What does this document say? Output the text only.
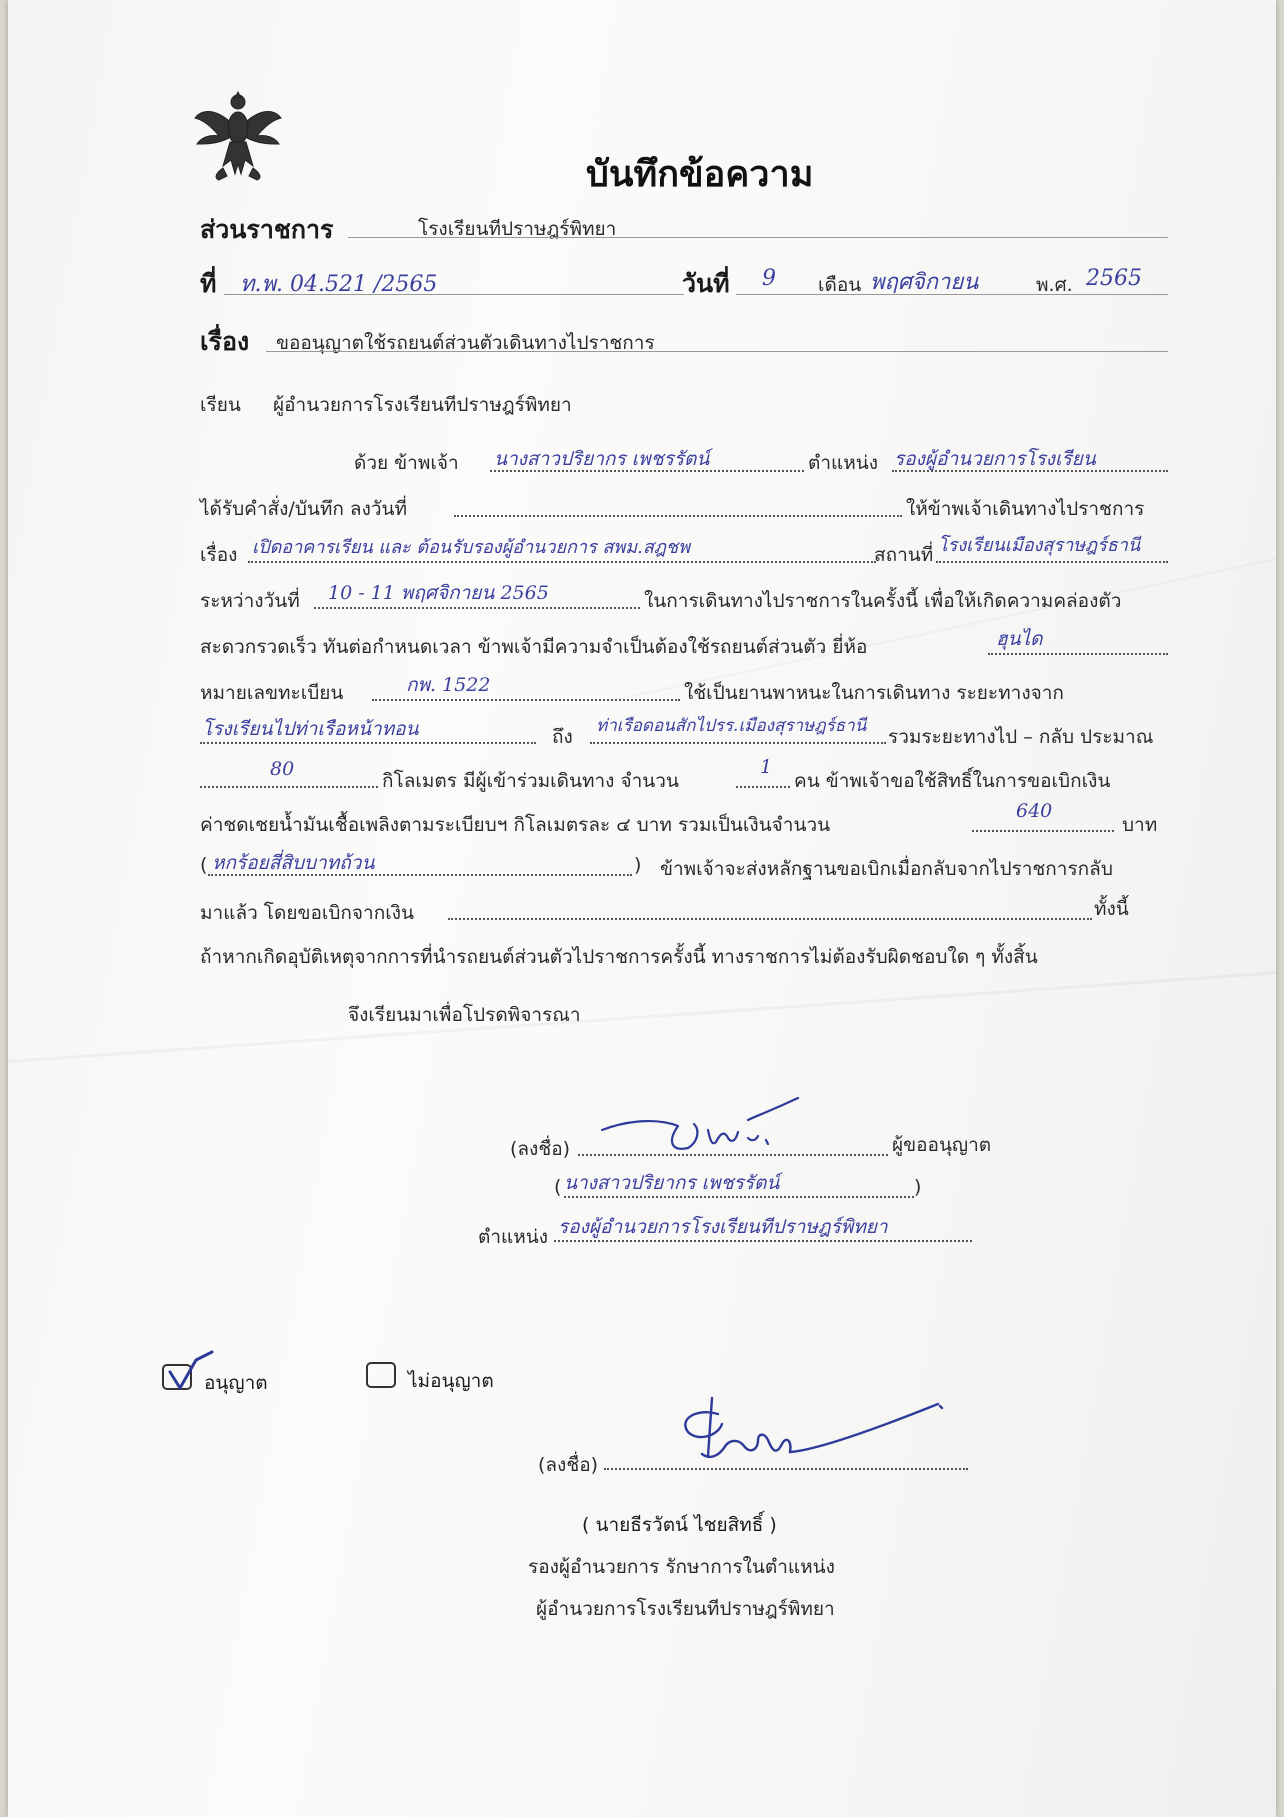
บันทึกข้อความ
ส่วนราชการ	โรงเรียนทีปราษฎร์พิทยา
ที่ ท.พ. 04.521 /2565	วันที่ 9 เดือน พฤศจิกายน	พ.ศ. 2565
เรื่อง ขออนุญาตใช้รถยนต์ส่วนตัวเดินทางไปราชการ
เรียน ผู้อำนวยการโรงเรียนทีปราษฎร์พิทยา
ด้วย ข้าพเจ้า นางสาวปริยากร เพชรรัตน์	ตำแหน่ง รองผู้อำนวยการโรงเรียน
ได้รับคำสั่ง/บันทึก ลงวันที่	ให้ข้าพเจ้าเดินทางไปราชการ
เรื่อง เปิดอาคารเรียน และ ต้อนรับรองผู้อำนวยการ สพม.สฎชพ	สถานที่ โรงเรียนเมืองสุราษฎร์ธานี
ระหว่างวันที่ 10 - 11 พฤศจิกายน 2565	ในการเดินทางไปราชการในครั้งนี้ เพื่อให้เกิดความคล่องตัว
สะดวกรวดเร็ว ทันต่อกำหนดเวลา ข้าพเจ้ามีความจำเป็นต้องใช้รถยนต์ส่วนตัว ยี่ห้อ	ฮุนได
หมายเลขทะเบียน	กพ. 1522	ใช้เป็นยานพาหนะในการเดินทาง ระยะทางจาก
โรงเรียนไปท่าเรือหน้าทอน	ถึง ท่าเรือดอนสักไปรร.เมืองสุราษฎร์ธานี รวมระยะทางไป – กลับ ประมาณ
80
กิโลเมตร มีผู้เข้าร่วมเดินทาง จำนวน
1
คน ข้าพเจ้าขอใช้สิทธิ์ในการขอเบิกเงิน
ค่าชดเชยน้ำมันเชื้อเพลิงตามระเบียบฯ กิโลเมตรละ ๔ บาท รวมเป็นเงินจำนวน
640
บาท
( หกร้อยสี่สิบบาทถ้วน	) ข้าพเจ้าจะส่งหลักฐานขอเบิกเมื่อกลับจากไปราชการกลับ
มาแล้ว โดยขอเบิกจากเงิน	ทั้งนี้
ถ้าหากเกิดอุบัติเหตุจากการที่นำรถยนต์ส่วนตัวไปราชการครั้งนี้ ทางราชการไม่ต้องรับผิดชอบใด ๆ ทั้งสิ้น
จึงเรียนมาเพื่อโปรดพิจารณา
(ลงชื่อ)	ผู้ขออนุญาต
( นางสาวปริยากร เพชรรัตน์	)
ตำแหน่ง รองผู้อำนวยการโรงเรียนทีปราษฎร์พิทยา
อนุญาต	ไม่อนุญาต
(ลงชื่อ)
( นายธีรวัตน์ ไชยสิทธิ์ )
รองผู้อำนวยการ รักษาการในตำแหน่ง
ผู้อำนวยการโรงเรียนทีปราษฎร์พิทยา
